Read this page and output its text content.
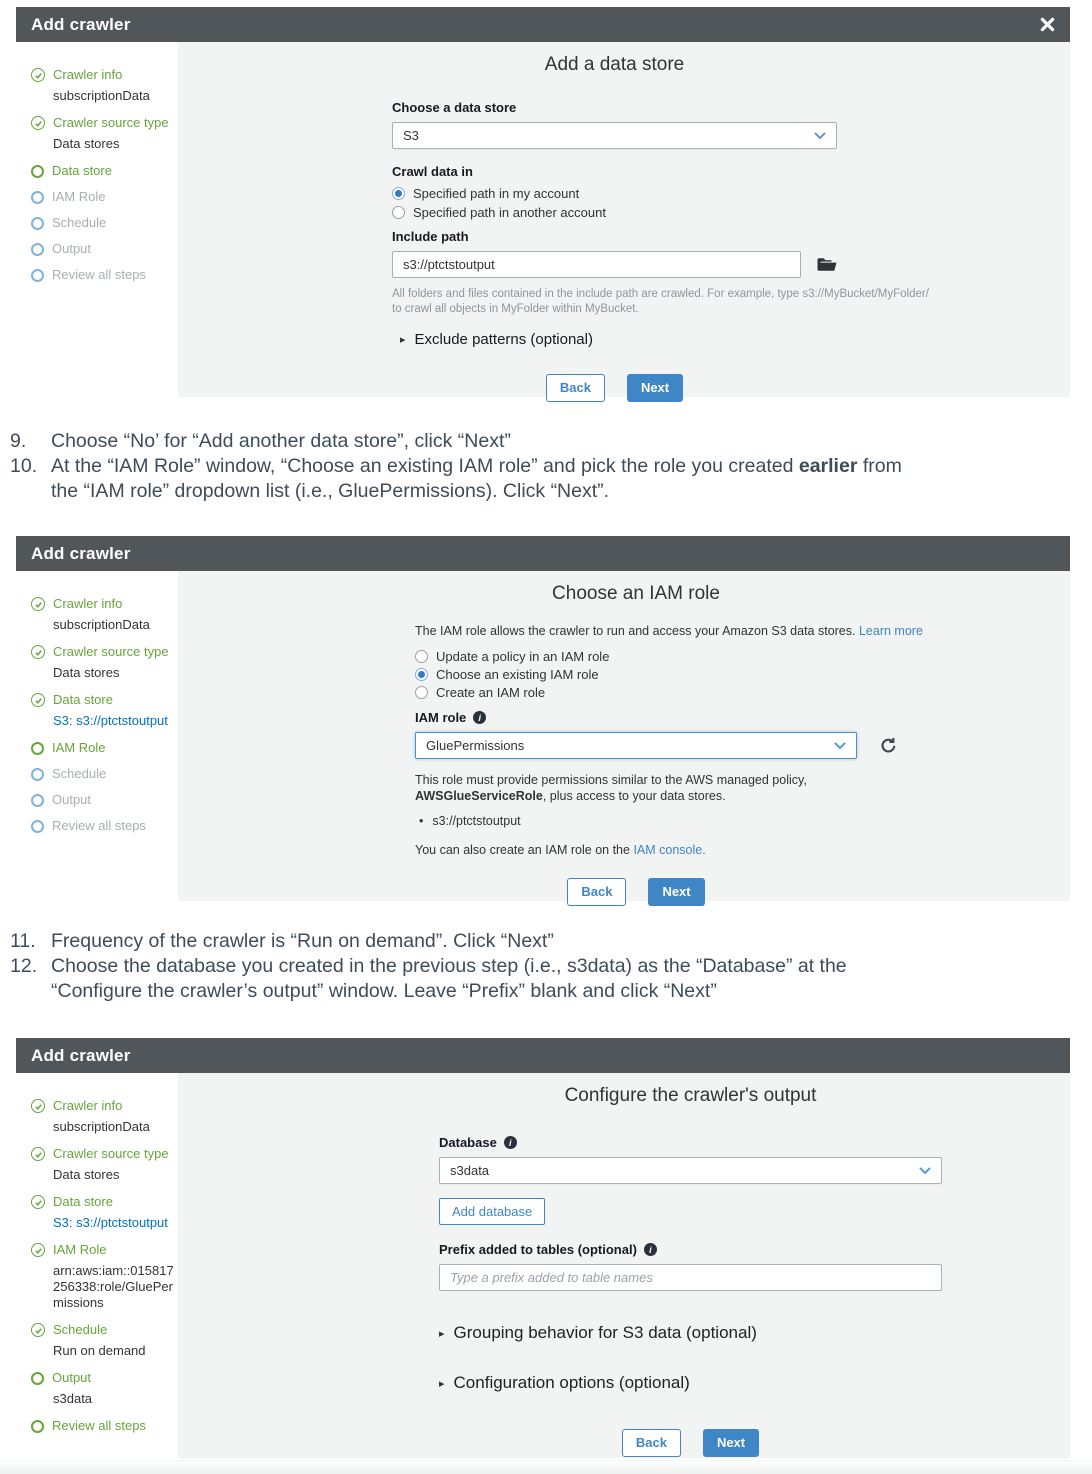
Add crawler
Crawler info
subscriptionData
Crawler source type
Data stores
Data store
IAM Role
Schedule
Output
Review all steps
Add a data store
Choose a data store
S3
Crawl data in
Specified path in my account
Specified path in another account
Include path
s3://ptctstoutput
All folders and files contained in the include path are crawled. For example, type s3://MyBucket/MyFolder/
to crawl all objects in MyFolder within MyBucket.
▸ Exclude patterns (optional)
Back	Next
9.	Choose “No’ for “Add another data store”, click “Next”
10. At the “IAM Role” window, “Choose an existing IAM role” and pick the role you created earlier from
the “IAM role” dropdown list (i.e., GluePermissions). Click “Next”.
Add crawler
Crawler info
subscriptionData
Crawler source type
Data stores
Data store
S3: s3://ptctstoutput
IAM Role
Schedule
Output
Review all steps
Choose an IAM role
The IAM role allows the crawler to run and access your Amazon S3 data stores. Learn more
Update a policy in an IAM role
Choose an existing IAM role
Create an IAM role
IAM role	i
GluePermissions
This role must provide permissions similar to the AWS managed policy, AWSGlueServiceRole, plus access to your data stores.
• s3://ptctstoutput
You can also create an IAM role on the IAM console.
Back	Next
11. Frequency of the crawler is “Run on demand”. Click “Next”
12. Choose the database you created in the previous step (i.e., s3data) as the “Database” at the
“Configure the crawler’s output” window. Leave “Prefix” blank and click “Next”
Add crawler
Crawler info
subscriptionData
Crawler source type
Data stores
Data store
S3: s3://ptctstoutput
IAM Role
arn:aws:iam::015817256338:role/GluePermissions
Schedule
Run on demand
Output
s3data
Review all steps
Configure the crawler's output
Database	i
s3data
Add database
Prefix added to tables (optional)	i
Type a prefix added to table names
▸ Grouping behavior for S3 data (optional)
▸ Configuration options (optional)
Back	Next
